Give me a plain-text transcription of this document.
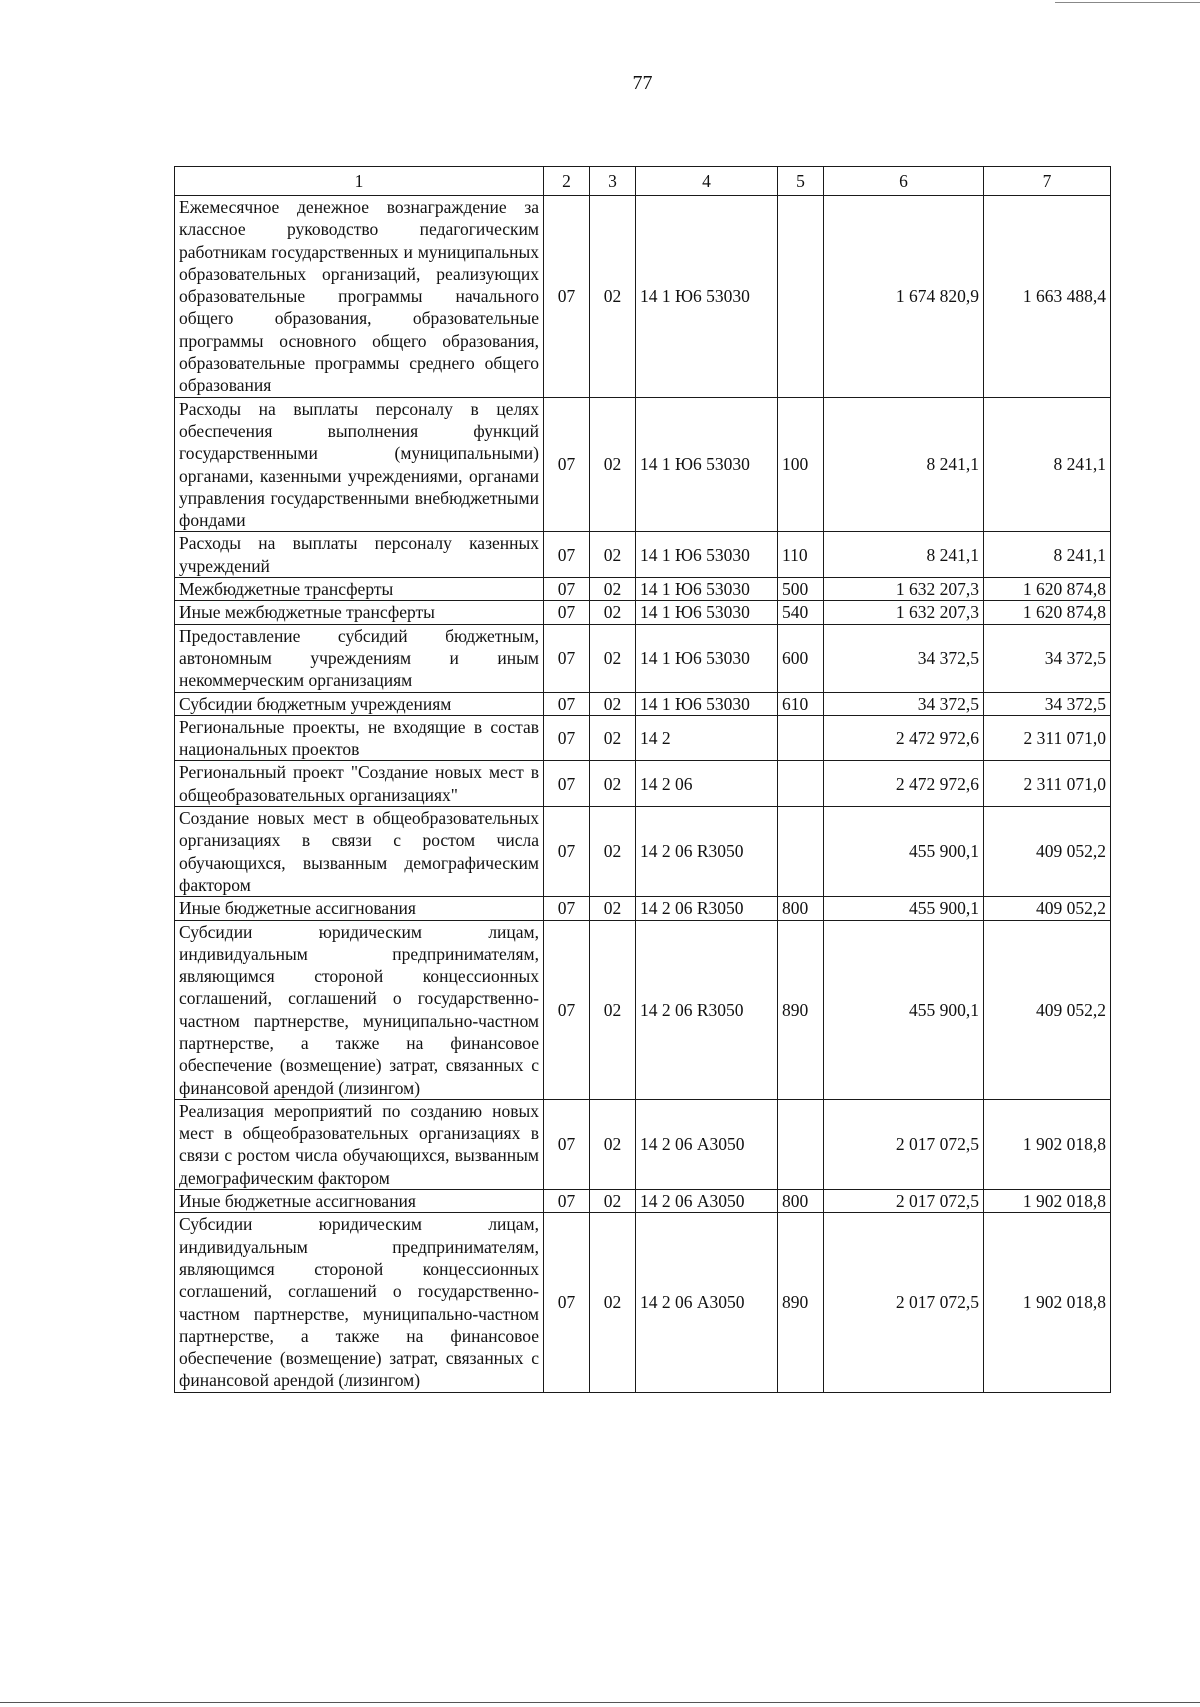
77
1	2	3	4	5	6	7
Ежемесячное денежное вознаграждение за классное руководство педагогическим работникам государственных и муниципальных образовательных организаций, реализующих образовательные программы начального общего образования, образовательные программы основного общего образования, образовательные программы среднего общего образования	07	02	14 1 Ю6 53030		1 674 820,9	1 663 488,4
Расходы на выплаты персоналу в целях обеспечения выполнения функций государственными (муниципальными) органами, казенными учреждениями, органами управления государственными внебюджетными фондами	07	02	14 1 Ю6 53030	100	8 241,1	8 241,1
Расходы на выплаты персоналу казенных учреждений	07	02	14 1 Ю6 53030	110	8 241,1	8 241,1
Межбюджетные трансферты	07	02	14 1 Ю6 53030	500	1 632 207,3	1 620 874,8
Иные межбюджетные трансферты	07	02	14 1 Ю6 53030	540	1 632 207,3	1 620 874,8
Предоставление субсидий бюджетным, автономным учреждениям и иным некоммерческим организациям	07	02	14 1 Ю6 53030	600	34 372,5	34 372,5
Субсидии бюджетным учреждениям	07	02	14 1 Ю6 53030	610	34 372,5	34 372,5
Региональные проекты, не входящие в состав национальных проектов	07	02	14 2		2 472 972,6	2 311 071,0
Региональный проект "Создание новых мест в общеобразовательных организациях"	07	02	14 2 06		2 472 972,6	2 311 071,0
Создание новых мест в общеобразовательных организациях в связи с ростом числа обучающихся, вызванным демографическим фактором	07	02	14 2 06 R3050		455 900,1	409 052,2
Иные бюджетные ассигнования	07	02	14 2 06 R3050	800	455 900,1	409 052,2
Субсидии юридическим лицам, индивидуальным предпринимателям, являющимся стороной концессионных соглашений, соглашений о государственно-частном партнерстве, муниципально-частном партнерстве, а также на финансовое обеспечение (возмещение) затрат, связанных с финансовой арендой (лизингом)	07	02	14 2 06 R3050	890	455 900,1	409 052,2
Реализация мероприятий по созданию новых мест в общеобразовательных организациях в связи с ростом числа обучающихся, вызванным демографическим фактором	07	02	14 2 06 А3050		2 017 072,5	1 902 018,8
Иные бюджетные ассигнования	07	02	14 2 06 А3050	800	2 017 072,5	1 902 018,8
Субсидии юридическим лицам, индивидуальным предпринимателям, являющимся стороной концессионных соглашений, соглашений о государственно-частном партнерстве, муниципально-частном партнерстве, а также на финансовое обеспечение (возмещение) затрат, связанных с финансовой арендой (лизингом)	07	02	14 2 06 А3050	890	2 017 072,5	1 902 018,8
